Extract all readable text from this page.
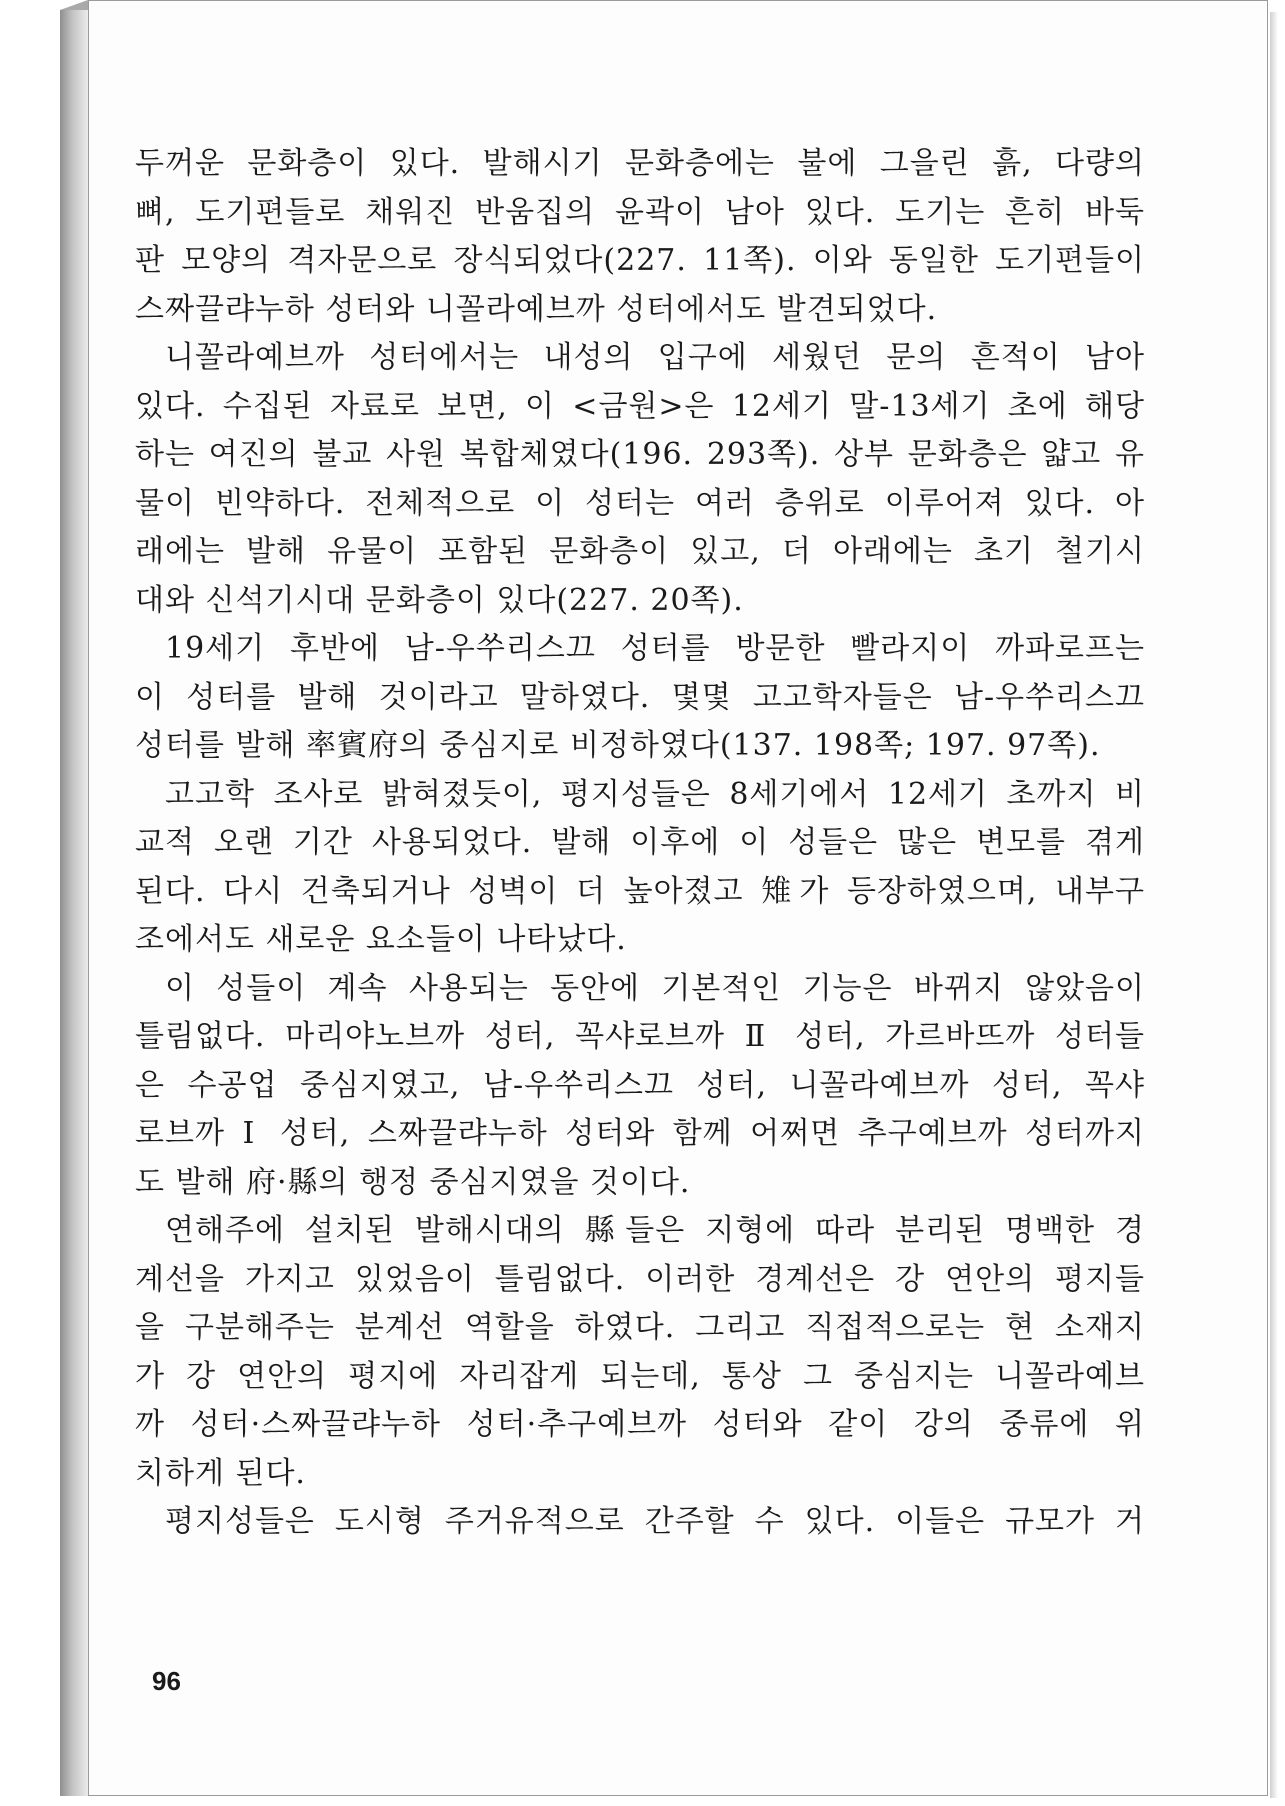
두꺼운 문화층이 있다. 발해시기 문화층에는 불에 그을린 흙, 다량의
뼈, 도기편들로 채워진 반움집의 윤곽이 남아 있다. 도기는 흔히 바둑
판 모양의 격자문으로 장식되었다(227. 11쪽). 이와 동일한 도기편들이
스짜끌랴누하 성터와 니꼴라예브까 성터에서도 발견되었다.
니꼴라예브까 성터에서는 내성의 입구에 세웠던 문의 흔적이 남아
있다. 수집된 자료로 보면, 이 <금원>은 12세기 말-13세기 초에 해당
하는 여진의 불교 사원 복합체였다(196. 293쪽). 상부 문화층은 얇고 유
물이 빈약하다. 전체적으로 이 성터는 여러 층위로 이루어져 있다. 아
래에는 발해 유물이 포함된 문화층이 있고, 더 아래에는 초기 철기시
대와 신석기시대 문화층이 있다(227. 20쪽).
19세기 후반에 남-우쑤리스끄 성터를 방문한 빨라지이 까파로프는
이 성터를 발해 것이라고 말하였다. 몇몇 고고학자들은 남-우쑤리스끄
성터를 발해 率賓府의 중심지로 비정하였다(137. 198쪽; 197. 97쪽).
고고학 조사로 밝혀졌듯이, 평지성들은 8세기에서 12세기 초까지 비
교적 오랜 기간 사용되었다. 발해 이후에 이 성들은 많은 변모를 겪게
된다. 다시 건축되거나 성벽이 더 높아졌고 雉가 등장하였으며, 내부구
조에서도 새로운 요소들이 나타났다.
이 성들이 계속 사용되는 동안에 기본적인 기능은 바뀌지 않았음이
틀림없다. 마리야노브까 성터, 꼭샤로브까 Ⅱ 성터, 가르바뜨까 성터들
은 수공업 중심지였고, 남-우쑤리스끄 성터, 니꼴라예브까 성터, 꼭샤
로브까 Ⅰ 성터, 스짜끌랴누하 성터와 함께 어쩌면 추구예브까 성터까지
도 발해 府·縣의 행정 중심지였을 것이다.
연해주에 설치된 발해시대의 縣들은 지형에 따라 분리된 명백한 경
계선을 가지고 있었음이 틀림없다. 이러한 경계선은 강 연안의 평지들
을 구분해주는 분계선 역할을 하였다. 그리고 직접적으로는 현 소재지
가 강 연안의 평지에 자리잡게 되는데, 통상 그 중심지는 니꼴라예브
까 성터·스짜끌랴누하 성터·추구예브까 성터와 같이 강의 중류에 위
치하게 된다.
평지성들은 도시형 주거유적으로 간주할 수 있다. 이들은 규모가 거
96
